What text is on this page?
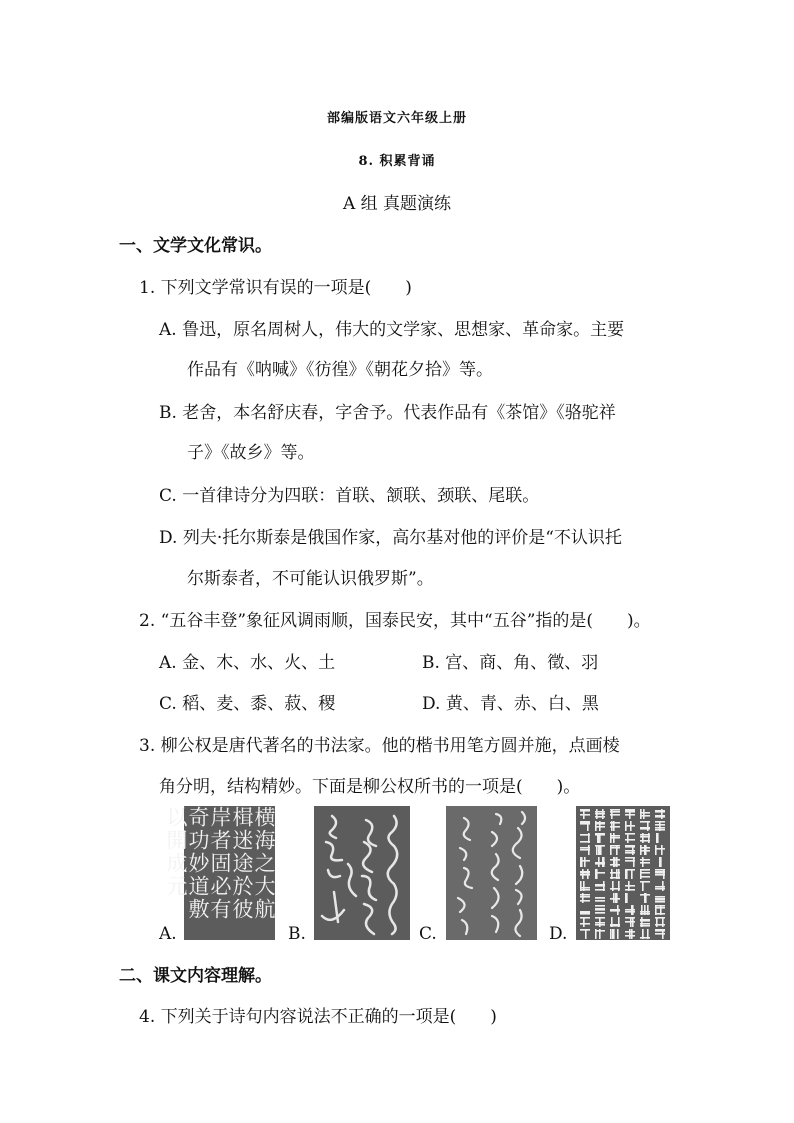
部编版语文六年级上册
8. 积累背诵
A 组 真题演练
一、文学文化常识。
1. 下列文学常识有误的一项是(　　)
A. 鲁迅，原名周树人，伟大的文学家、思想家、革命家。主要
作品有《呐喊》《彷徨》《朝花夕拾》等。
B. 老舍，本名舒庆春，字舍予。代表作品有《茶馆》《骆驼祥
子》《故乡》等。
C. 一首律诗分为四联：首联、颔联、颈联、尾联。
D. 列夫·托尔斯泰是俄国作家，高尔基对他的评价是“不认识托
尔斯泰者，不可能认识俄罗斯”。
2. “五谷丰登”象征风调雨顺，国泰民安，其中“五谷”指的是(　　)。
A. 金、木、水、火、土	B. 宫、商、角、徵、羽
C. 稻、麦、黍、菽、稷	D. 黄、青、赤、白、黑
3. 柳公权是唐代著名的书法家。他的楷书用笔方圆并施，点画棱
角分明，结构精妙。下面是柳公权所书的一项是(　　)。
A.
横海之大航楫迷途於彼岸者固必有奇功妙道敷以開成元
B.	C.	D.
二、课文内容理解。
4. 下列关于诗句内容说法不正确的一项是(　　)
